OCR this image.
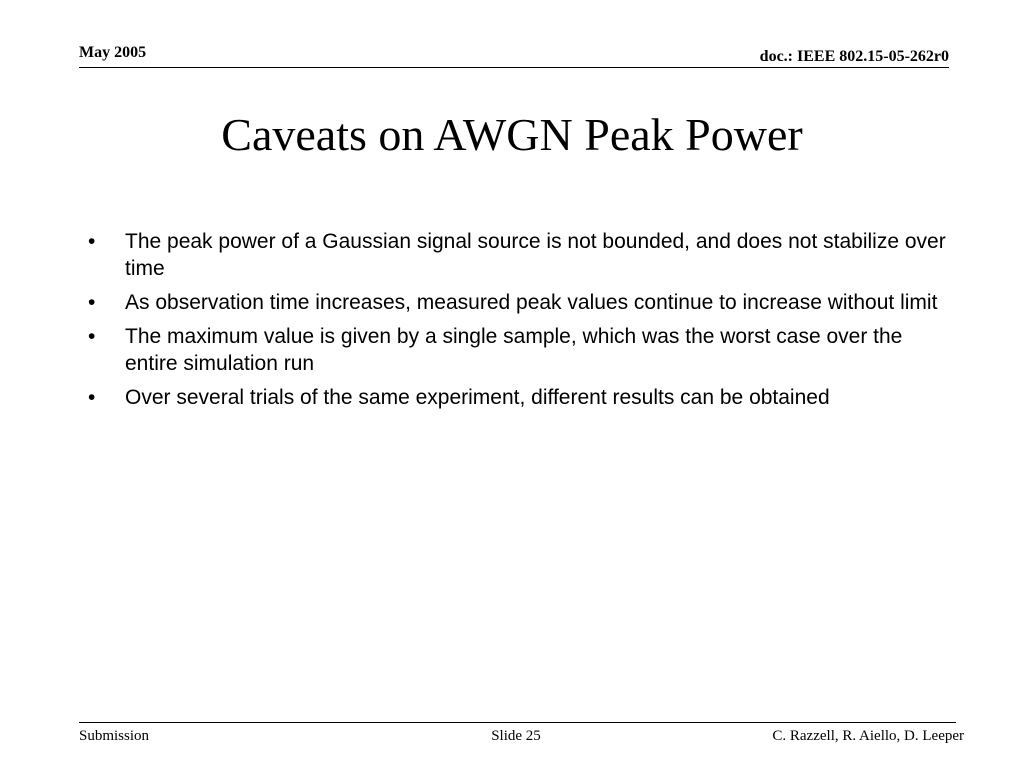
May 2005	doc.: IEEE 802.15-05-262r0
Caveats on AWGN Peak Power
•	The peak power of a Gaussian signal source is not bounded, and does not stabilize over time
•	As observation time increases, measured peak values continue to increase without limit
•	The maximum value is given by a single sample, which was the worst case over the entire simulation run
•	Over several trials of the same experiment, different results can be obtained
Submission	Slide 25	C. Razzell, R. Aiello, D. Leeper
